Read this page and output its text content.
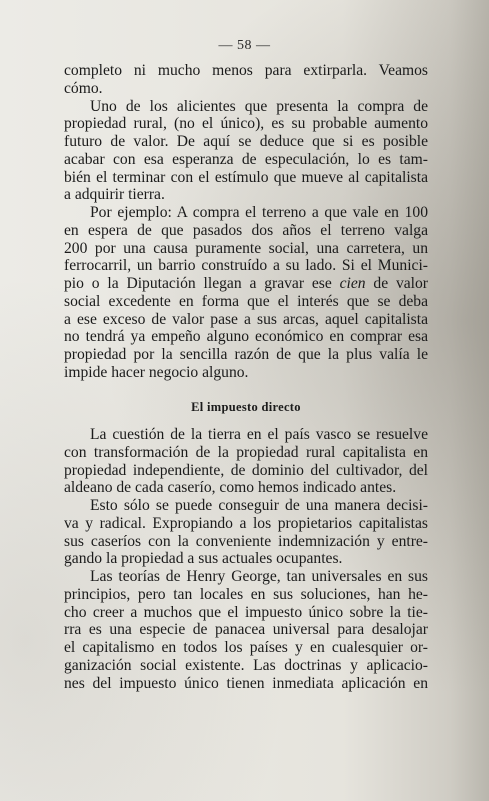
— 58 —
completo ni mucho menos para extirparla. Veamos
cómo.
Uno de los alicientes que presenta la compra de
propiedad rural, (no el único), es su probable aumento
futuro de valor. De aquí se deduce que si es posible
acabar con esa esperanza de especulación, lo es tam-
bién el terminar con el estímulo que mueve al capitalista
a adquirir tierra.
Por ejemplo: A compra el terreno a que vale en 100
en espera de que pasados dos años el terreno valga
200 por una causa puramente social, una carretera, un
ferrocarril, un barrio construído a su lado. Si el Munici-
pio o la Diputación llegan a gravar ese cien de valor
social excedente en forma que el interés que se deba
a ese exceso de valor pase a sus arcas, aquel capitalista
no tendrá ya empeño alguno económico en comprar esa
propiedad por la sencilla razón de que la plus valía le
impide hacer negocio alguno.
El impuesto directo
La cuestión de la tierra en el país vasco se resuelve
con transformación de la propiedad rural capitalista en
propiedad independiente, de dominio del cultivador, del
aldeano de cada caserío, como hemos indicado antes.
Esto sólo se puede conseguir de una manera decisi-
va y radical. Expropiando a los propietarios capitalistas
sus caseríos con la conveniente indemnización y entre-
gando la propiedad a sus actuales ocupantes.
Las teorías de Henry George, tan universales en sus
principios, pero tan locales en sus soluciones, han he-
cho creer a muchos que el impuesto único sobre la tie-
rra es una especie de panacea universal para desalojar
el capitalismo en todos los países y en cualesquier or-
ganización social existente. Las doctrinas y aplicacio-
nes del impuesto único tienen inmediata aplicación en
